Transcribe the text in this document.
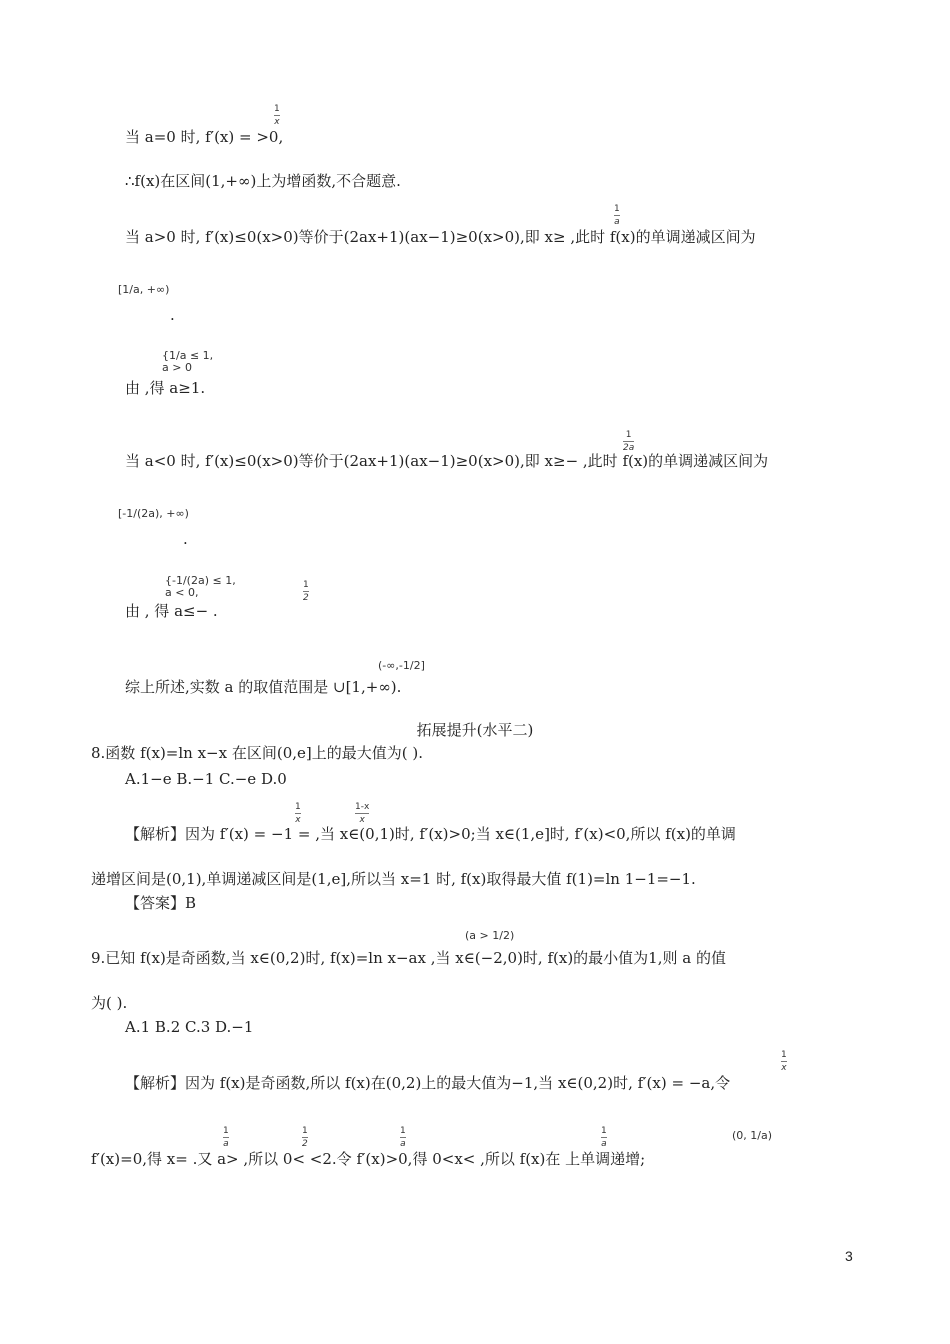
当 a=0 时, f′(x) = >0,
1
x
∴f(x)在区间(1,+∞)上为增函数,不合题意.
当 a>0 时, f′(x)≤0(x>0)等价于(2ax+1)(ax−1)≥0(x>0),即 x≥ ,此时 f(x)的单调递减区间为
1
a
[1/a, +∞)
.
由 ,得 a≥1.
{1/a ≤ 1,
a > 0
当 a<0 时, f′(x)≤0(x>0)等价于(2ax+1)(ax−1)≥0(x>0),即 x≥− ,此时 f(x)的单调递减区间为
1
2a
[-1/(2a), +∞)
.
由 , 得 a≤− .
{-1/(2a) ≤ 1,
a < 0,
1
2
综上所述,实数 a 的取值范围是 ∪[1,+∞).
(-∞,-1/2]
拓展提升(水平二)
8.函数 f(x)=ln x−x 在区间(0,e]上的最大值为( ).
A.1−e B.−1 C.−e D.0
【解析】因为 f′(x) = −1 = ,当 x∈(0,1)时, f′(x)>0;当 x∈(1,e]时, f′(x)<0,所以 f(x)的单调
1
x
1-x
x
递增区间是(0,1),单调递减区间是(1,e],所以当 x=1 时, f(x)取得最大值 f(1)=ln 1−1=−1.
【答案】B
9.已知 f(x)是奇函数,当 x∈(0,2)时, f(x)=ln x−ax ,当 x∈(−2,0)时, f(x)的最小值为1,则 a 的值
(a > 1/2)
为( ).
A.1 B.2 C.3 D.−1
【解析】因为 f(x)是奇函数,所以 f(x)在(0,2)上的最大值为−1,当 x∈(0,2)时, f′(x) = −a,令
1
x
f′(x)=0,得 x= .又 a> ,所以 0< <2.令 f′(x)>0,得 0<x< ,所以 f(x)在 上单调递增;
1
a
1
2
1
a
1
a
(0, 1/a)
3
